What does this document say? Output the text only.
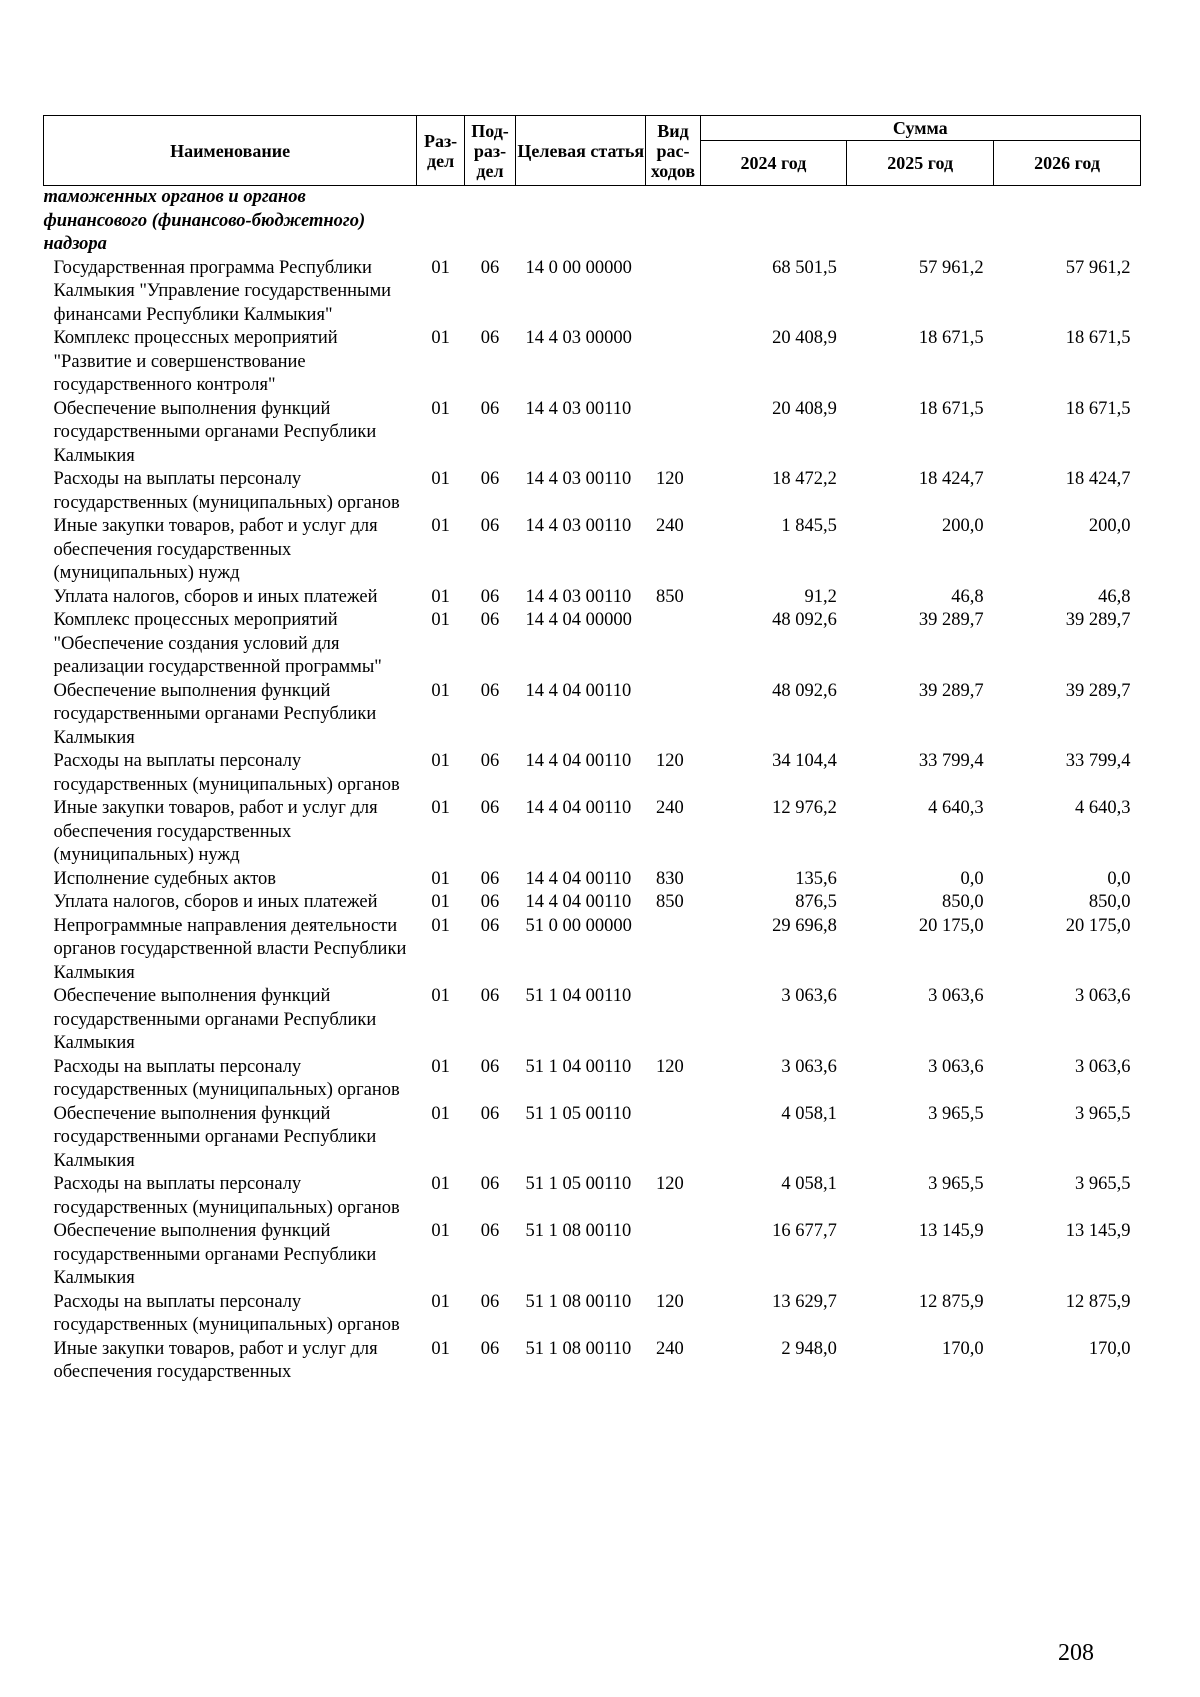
Наименование	Раз-дел	Под-раз-дел	Целевая статья	Вид рас-ходов	Сумма		
					2024 год	2025 год	2026 год
таможенных органов и органов финансового (финансово-бюджетного) надзора							
Государственная программа Республики Калмыкия "Управление государственными финансами Республики Калмыкия"	01	06	14 0 00 00000		68 501,5	57 961,2	57 961,2
Комплекс процессных мероприятий "Развитие и совершенствование государственного контроля"	01	06	14 4 03 00000		20 408,9	18 671,5	18 671,5
Обеспечение выполнения функций государственными органами Республики Калмыкия	01	06	14 4 03 00110		20 408,9	18 671,5	18 671,5
Расходы на выплаты персоналу государственных (муниципальных) органов	01	06	14 4 03 00110	120	18 472,2	18 424,7	18 424,7
Иные закупки товаров, работ и услуг для обеспечения государственных (муниципальных) нужд	01	06	14 4 03 00110	240	1 845,5	200,0	200,0
Уплата налогов, сборов и иных платежей	01	06	14 4 03 00110	850	91,2	46,8	46,8
Комплекс процессных мероприятий "Обеспечение создания условий для реализации государственной программы"	01	06	14 4 04 00000		48 092,6	39 289,7	39 289,7
Обеспечение выполнения функций государственными органами Республики Калмыкия	01	06	14 4 04 00110		48 092,6	39 289,7	39 289,7
Расходы на выплаты персоналу государственных (муниципальных) органов	01	06	14 4 04 00110	120	34 104,4	33 799,4	33 799,4
Иные закупки товаров, работ и услуг для обеспечения государственных (муниципальных) нужд	01	06	14 4 04 00110	240	12 976,2	4 640,3	4 640,3
Исполнение судебных актов	01	06	14 4 04 00110	830	135,6	0,0	0,0
Уплата налогов, сборов и иных платежей	01	06	14 4 04 00110	850	876,5	850,0	850,0
Непрограммные направления деятельности органов государственной власти Республики Калмыкия	01	06	51 0 00 00000		29 696,8	20 175,0	20 175,0
Обеспечение выполнения функций государственными органами Республики Калмыкия	01	06	51 1 04 00110		3 063,6	3 063,6	3 063,6
Расходы на выплаты персоналу государственных (муниципальных) органов	01	06	51 1 04 00110	120	3 063,6	3 063,6	3 063,6
Обеспечение выполнения функций государственными органами Республики Калмыкия	01	06	51 1 05 00110		4 058,1	3 965,5	3 965,5
Расходы на выплаты персоналу государственных (муниципальных) органов	01	06	51 1 05 00110	120	4 058,1	3 965,5	3 965,5
Обеспечение выполнения функций государственными органами Республики Калмыкия	01	06	51 1 08 00110		16 677,7	13 145,9	13 145,9
Расходы на выплаты персоналу государственных (муниципальных) органов	01	06	51 1 08 00110	120	13 629,7	12 875,9	12 875,9
Иные закупки товаров, работ и услуг для обеспечения государственных	01	06	51 1 08 00110	240	2 948,0	170,0	170,0
208
